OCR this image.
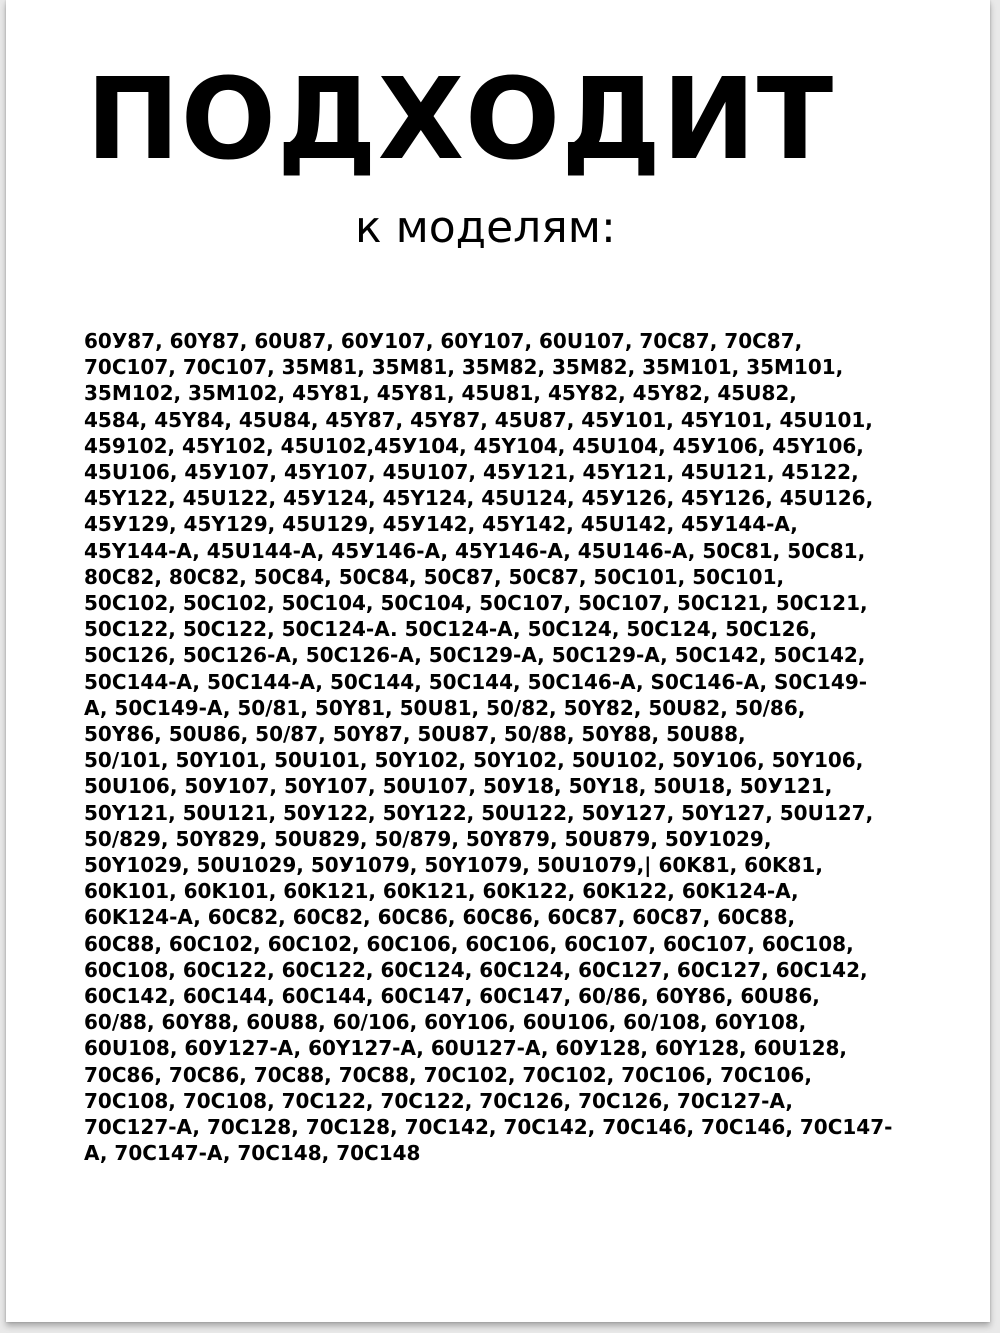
ПОДХОДИТ
к моделям:
60У87, 60Y87, 60U87, 60У107, 60Y107, 60U107, 70C87, 70C87,
70C107, 70C107, 35M81, 35M81, 35M82, 35M82, 35M101, 35M101,
35M102, 35M102, 45Y81, 45Y81, 45U81, 45Y82, 45Y82, 45U82,
4584, 45Y84, 45U84, 45Y87, 45Y87, 45U87, 45У101, 45Y101, 45U101,
459102, 45Y102, 45U102,45У104, 45Y104, 45U104, 45У106, 45Y106,
45U106, 45У107, 45Y107, 45U107, 45У121, 45Y121, 45U121, 45122,
45Y122, 45U122, 45У124, 45Y124, 45U124, 45У126, 45Y126, 45U126,
45У129, 45Y129, 45U129, 45У142, 45Y142, 45U142, 45У144-A,
45Y144-A, 45U144-A, 45У146-A, 45Y146-A, 45U146-A, 50C81, 50C81,
80C82, 80C82, 50C84, 50C84, 50C87, 50C87, 50C101, 50C101,
50C102, 50C102, 50C104, 50C104, 50C107, 50C107, 50C121, 50C121,
50C122, 50C122, 50C124-A. 50C124-A, 50C124, 50C124, 50C126,
50C126, 50C126-A, 50C126-A, 50C129-A, 50C129-A, 50C142, 50C142,
50C144-A, 50C144-A, 50C144, 50C144, 50C146-A, S0C146-A, S0C149-
A, 50C149-A, 50/81, 50Y81, 50U81, 50/82, 50Y82, 50U82, 50/86,
50Y86, 50U86, 50/87, 50Y87, 50U87, 50/88, 50Y88, 50U88,
50/101, 50Y101, 50U101, 50Y102, 50Y102, 50U102, 50У106, 50Y106,
50U106, 50У107, 50Y107, 50U107, 50У18, 50Y18, 50U18, 50У121,
50Y121, 50U121, 50У122, 50Y122, 50U122, 50У127, 50Y127, 50U127,
50/829, 50Y829, 50U829, 50/879, 50Y879, 50U879, 50У1029,
50Y1029, 50U1029, 50У1079, 50Y1079, 50U1079,| 60K81, 60K81,
60K101, 60K101, 60K121, 60K121, 60K122, 60K122, 60K124-A,
60K124-A, 60C82, 60C82, 60C86, 60C86, 60C87, 60C87, 60C88,
60C88, 60C102, 60C102, 60C106, 60C106, 60C107, 60C107, 60C108,
60C108, 60C122, 60C122, 60C124, 60C124, 60C127, 60C127, 60C142,
60C142, 60C144, 60C144, 60C147, 60C147, 60/86, 60Y86, 60U86,
60/88, 60Y88, 60U88, 60/106, 60Y106, 60U106, 60/108, 60Y108,
60U108, 60У127-A, 60Y127-A, 60U127-A, 60У128, 60Y128, 60U128,
70C86, 70C86, 70C88, 70C88, 70C102, 70C102, 70C106, 70C106,
70C108, 70C108, 70C122, 70C122, 70C126, 70C126, 70C127-A,
70C127-A, 70C128, 70C128, 70C142, 70C142, 70C146, 70C146, 70C147-
A, 70C147-A, 70C148, 70C148
